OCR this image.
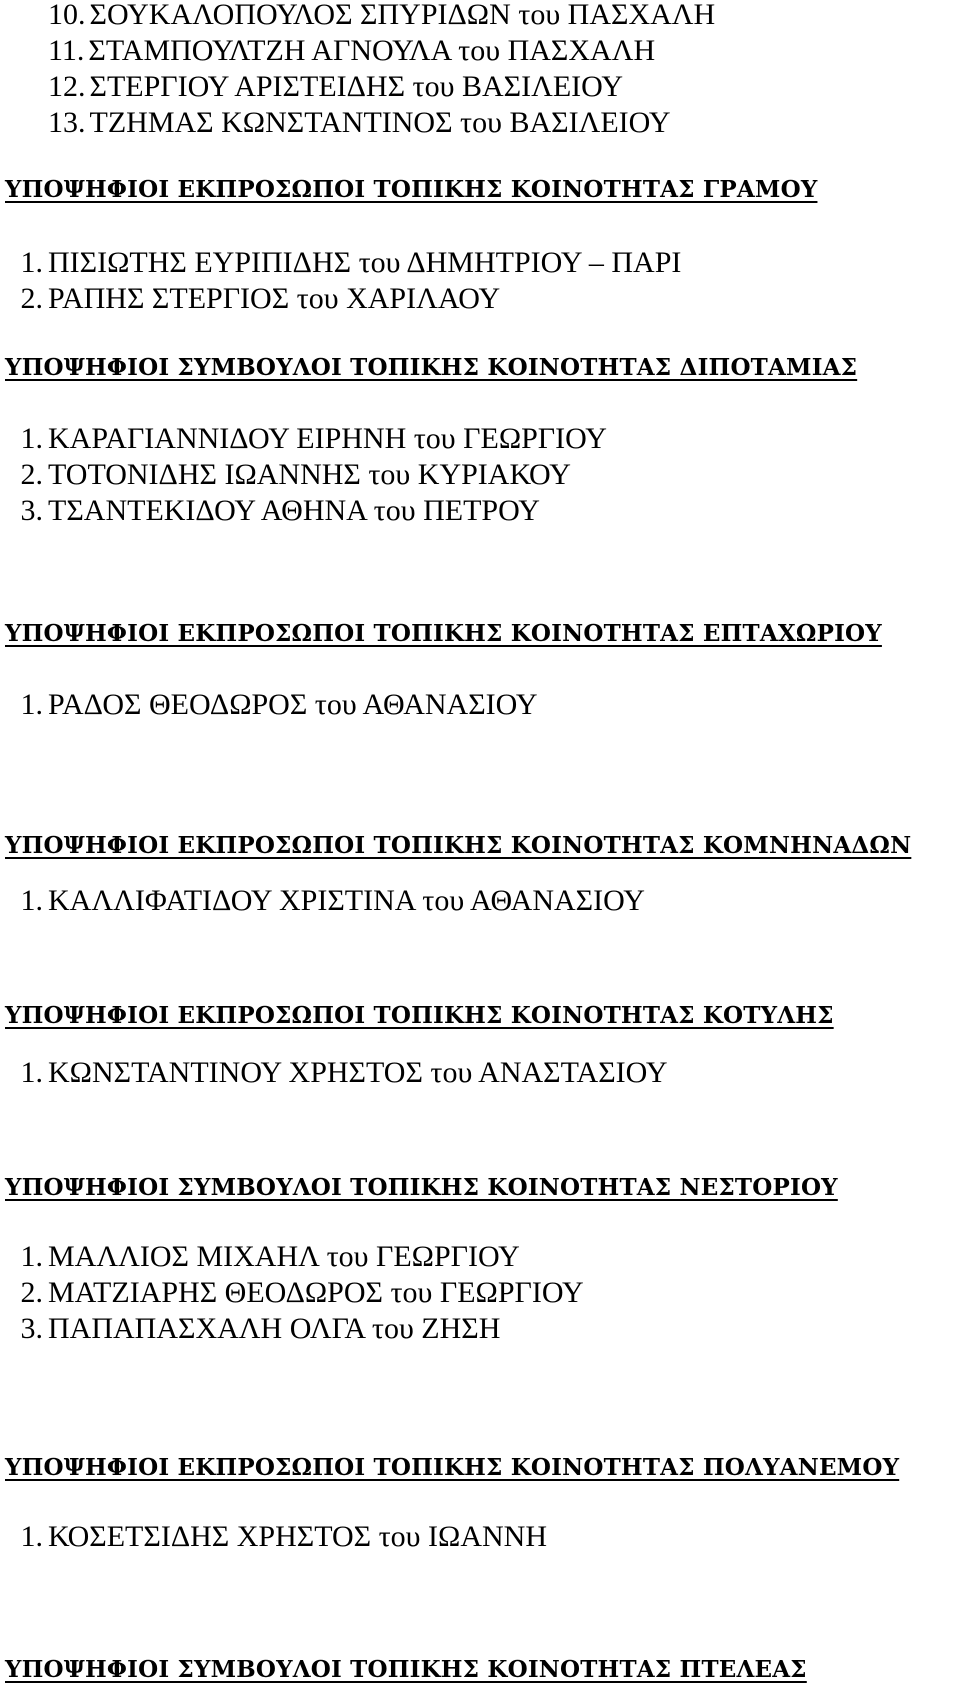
10. ΣΟΥΚΑΛΟΠΟΥΛΟΣ ΣΠΥΡΙΔΩΝ του ΠΑΣΧΑΛΗ
11. ΣΤΑΜΠΟΥΛΤΖΗ ΑΓΝΟΥΛΑ του ΠΑΣΧΑΛΗ
12. ΣΤΕΡΓΙΟΥ ΑΡΙΣΤΕΙΔΗΣ του ΒΑΣΙΛΕΙΟΥ
13. ΤΖΗΜΑΣ ΚΩΝΣΤΑΝΤΙΝΟΣ του ΒΑΣΙΛΕΙΟΥ
ΥΠΟΨΗΦΙΟΙ ΕΚΠΡΟΣΩΠΟΙ ΤΟΠΙΚΗΣ ΚΟΙΝΟΤΗΤΑΣ ΓΡΑΜΟΥ
1. ΠΙΣΙΩΤΗΣ ΕΥΡΙΠΙΔΗΣ του ΔΗΜΗΤΡΙΟΥ – ΠΑΡΙ
2. ΡΑΠΗΣ ΣΤΕΡΓΙΟΣ του ΧΑΡΙΛΑΟΥ
ΥΠΟΨΗΦΙΟΙ ΣΥΜΒΟΥΛΟΙ ΤΟΠΙΚΗΣ ΚΟΙΝΟΤΗΤΑΣ ΔΙΠΟΤΑΜΙΑΣ
1. ΚΑΡΑΓΙΑΝΝΙΔΟΥ ΕΙΡΗΝΗ του ΓΕΩΡΓΙΟΥ
2. ΤΟΤΟΝΙΔΗΣ ΙΩΑΝΝΗΣ του ΚΥΡΙΑΚΟΥ
3. ΤΣΑΝΤΕΚΙΔΟΥ ΑΘΗΝΑ του ΠΕΤΡΟΥ
ΥΠΟΨΗΦΙΟΙ ΕΚΠΡΟΣΩΠΟΙ ΤΟΠΙΚΗΣ ΚΟΙΝΟΤΗΤΑΣ ΕΠΤΑΧΩΡΙΟΥ
1. ΡΑΔΟΣ ΘΕΟΔΩΡΟΣ του ΑΘΑΝΑΣΙΟΥ
ΥΠΟΨΗΦΙΟΙ ΕΚΠΡΟΣΩΠΟΙ ΤΟΠΙΚΗΣ ΚΟΙΝΟΤΗΤΑΣ ΚΟΜΝΗΝΑΔΩΝ
1. ΚΑΛΛΙΦΑΤΙΔΟΥ ΧΡΙΣΤΙΝΑ του ΑΘΑΝΑΣΙΟΥ
ΥΠΟΨΗΦΙΟΙ ΕΚΠΡΟΣΩΠΟΙ ΤΟΠΙΚΗΣ ΚΟΙΝΟΤΗΤΑΣ ΚΟΤΥΛΗΣ
1. ΚΩΝΣΤΑΝΤΙΝΟΥ ΧΡΗΣΤΟΣ του ΑΝΑΣΤΑΣΙΟΥ
ΥΠΟΨΗΦΙΟΙ ΣΥΜΒΟΥΛΟΙ ΤΟΠΙΚΗΣ ΚΟΙΝΟΤΗΤΑΣ ΝΕΣΤΟΡΙΟΥ
1. ΜΑΛΛΙΟΣ ΜΙΧΑΗΛ του ΓΕΩΡΓΙΟΥ
2. ΜΑΤΖΙΑΡΗΣ ΘΕΟΔΩΡΟΣ του ΓΕΩΡΓΙΟΥ
3. ΠΑΠΑΠΑΣΧΑΛΗ ΟΛΓΑ του ΖΗΣΗ
ΥΠΟΨΗΦΙΟΙ ΕΚΠΡΟΣΩΠΟΙ ΤΟΠΙΚΗΣ ΚΟΙΝΟΤΗΤΑΣ ΠΟΛΥΑΝΕΜΟΥ
1. ΚΟΣΕΤΣΙΔΗΣ ΧΡΗΣΤΟΣ του ΙΩΑΝΝΗ
ΥΠΟΨΗΦΙΟΙ ΣΥΜΒΟΥΛΟΙ ΤΟΠΙΚΗΣ ΚΟΙΝΟΤΗΤΑΣ ΠΤΕΛΕΑΣ
